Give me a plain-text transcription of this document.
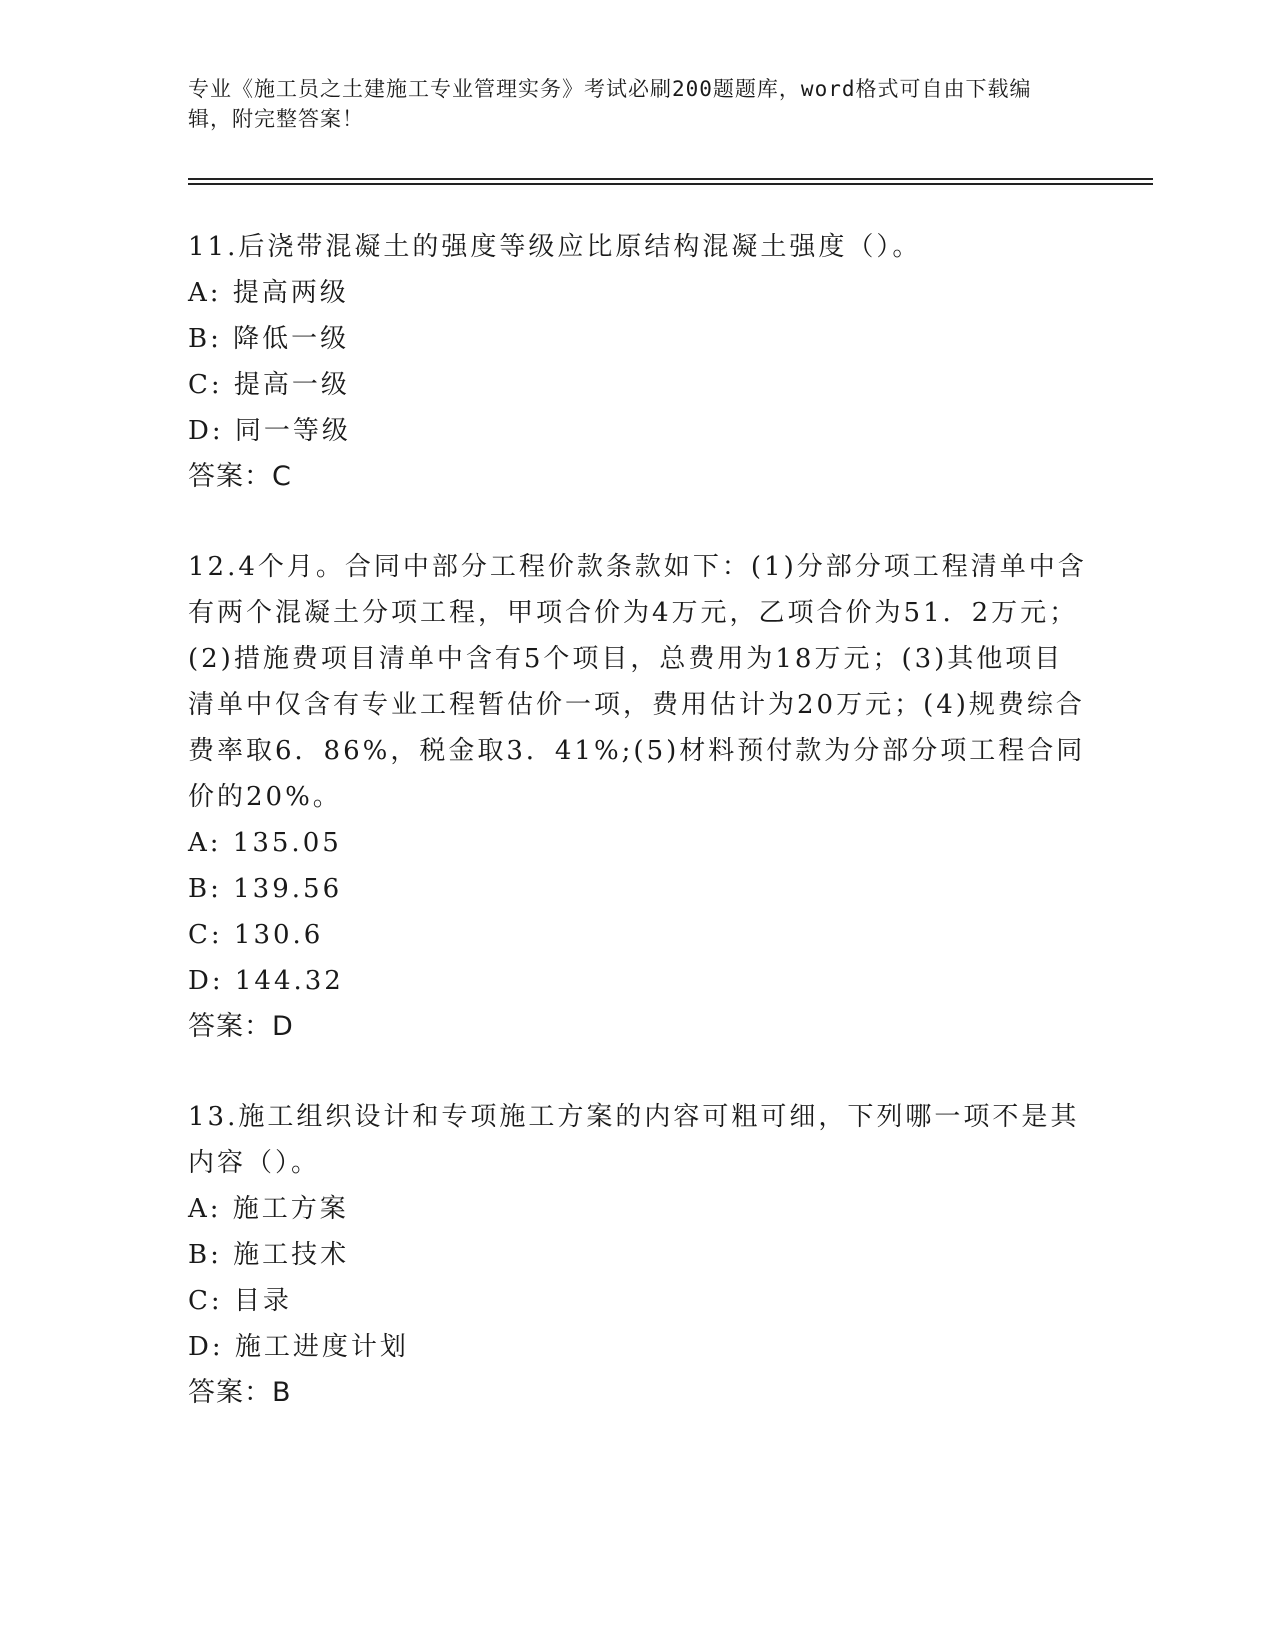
专业《施工员之土建施工专业管理实务》考试必刷200题题库，word格式可自由下载编辑，附完整答案！

11.后浇带混凝土的强度等级应比原结构混凝土强度（）。

A: 提高两级

B: 降低一级

C: 提高一级

D: 同一等级

答案：C

12.4个月。合同中部分工程价款条款如下：(1)分部分项工程清单中含有两个混凝土分项工程，甲项合价为4万元，乙项合价为51．2万元；(2)措施费项目清单中含有5个项目，总费用为18万元；(3)其他项目清单中仅含有专业工程暂估价一项，费用估计为20万元；(4)规费综合费率取6．86%，税金取3．41%;(5)材料预付款为分部分项工程合同价的20%。

A: 135.05

B: 139.56

C: 130.6

D: 144.32

答案：D

13.施工组织设计和专项施工方案的内容可粗可细，下列哪一项不是其内容（）。

A: 施工方案

B: 施工技术

C: 目录

D: 施工进度计划

答案：B
